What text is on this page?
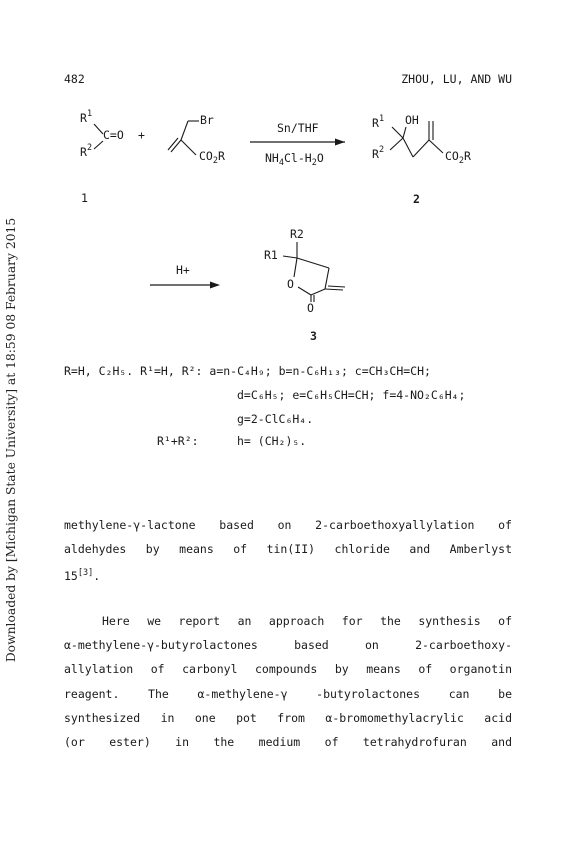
Downloaded by [Michigan State University] at 18:59 08 February 2015
482	ZHOU, LU, AND WU
$R^1$
C=O
$R^2$
+
Br
$CO_2R$
Sn/THF
$NH_4Cl-H_2O$
$R^1$ OH
$R^2$	$CO_2R$
1	2
H+
R2
R1
O
O
3
R=H, C₂H₅. R¹=H, R²: a=n-C₄H₉; b=n-C₆H₁₃; c=CH₃CH=CH;
d=C₆H₅; e=C₆H₅CH=CH; f=4-NO₂C₆H₄;
g=2-ClC₆H₄.
R¹+R²:	h= (CH₂)₅.
methylene-γ-lactone based on 2-carboethoxyallylation of
aldehydes by means of tin(II) chloride and Amberlyst
15[3].
Here we report an approach for the synthesis of
α-methylene-γ-butyrolactones based on 2-carboethoxy-
allylation of carbonyl compounds by means of organotin
reagent. The α-methylene-γ -butyrolactones can be
synthesized in one pot from α-bromomethylacrylic acid
(or ester) in the medium of tetrahydrofuran and
